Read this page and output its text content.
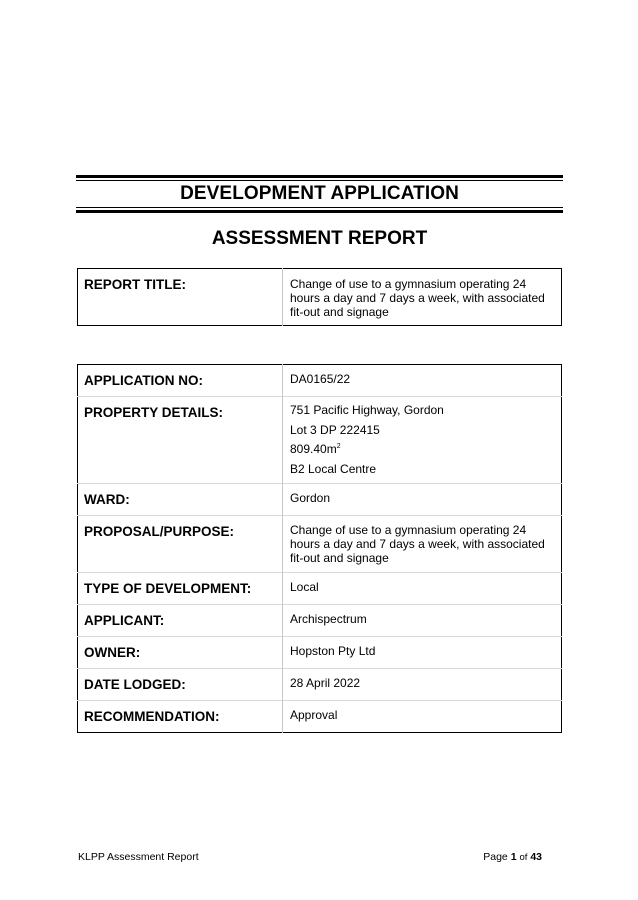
DEVELOPMENT APPLICATION
ASSESSMENT REPORT
REPORT TITLE:	Change of use to a gymnasium operating 24 hours a day and 7 days a week, with associated fit-out and signage
APPLICATION NO:	DA0165/22
PROPERTY DETAILS:	751 Pacific Highway, Gordon
Lot 3 DP 222415
$809.40m^2$
B2 Local Centre

WARD:	Gordon
PROPOSAL/PURPOSE:	Change of use to a gymnasium operating 24 hours a day and 7 days a week, with associated fit-out and signage
TYPE OF DEVELOPMENT:	Local
APPLICANT:	Archispectrum
OWNER:	Hopston Pty Ltd
DATE LODGED:	28 April 2022
RECOMMENDATION:	Approval
KLPP Assessment Report	Page 1 of 43
